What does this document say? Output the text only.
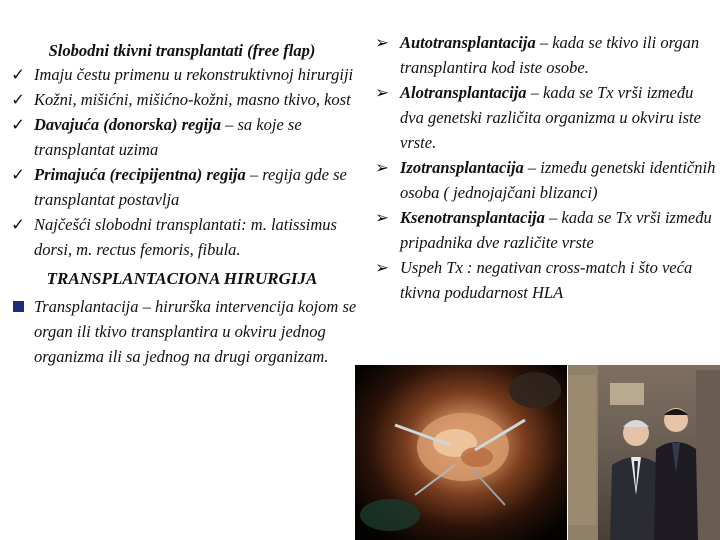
Slobodni tkivni transplantati (free flap)
✓ Imaju čestu primenu u rekonstruktivnoj hirurgiji
✓ Kožni, mišićni, mišićno-kožni, masno tkivo, kost
✓ Davajuća (donorska) regija – sa koje se transplantat uzima
✓ Primajuća (recipijentna) regija – regija gde se transplantat postavlja
✓ Najčešći slobodni transplantati: m. latissimus dorsi, m. rectus femoris, fibula.
TRANSPLANTACIONA HIRURGIJA
Transplantacija – hirurška intervencija kojom se organ ili tkivo transplantira u okviru jednog organizma ili sa jednog na drugi organizam.
➢ Autotransplantacija – kada se tkivo ili organ transplantira kod iste osobe.
➢ Alotransplantacija – kada se Tx vrši između dva genetski različita organizma u okviru iste vrste.
➢ Izotransplantacija – između genetski identičnih osoba ( jednojajčani blizanci)
➢ Ksenotransplantacija – kada se Tx vrši između pripadnika dve različite vrste
➢ Uspeh Tx : negativan cross-match i što veća tkivna podudarnost HLA
